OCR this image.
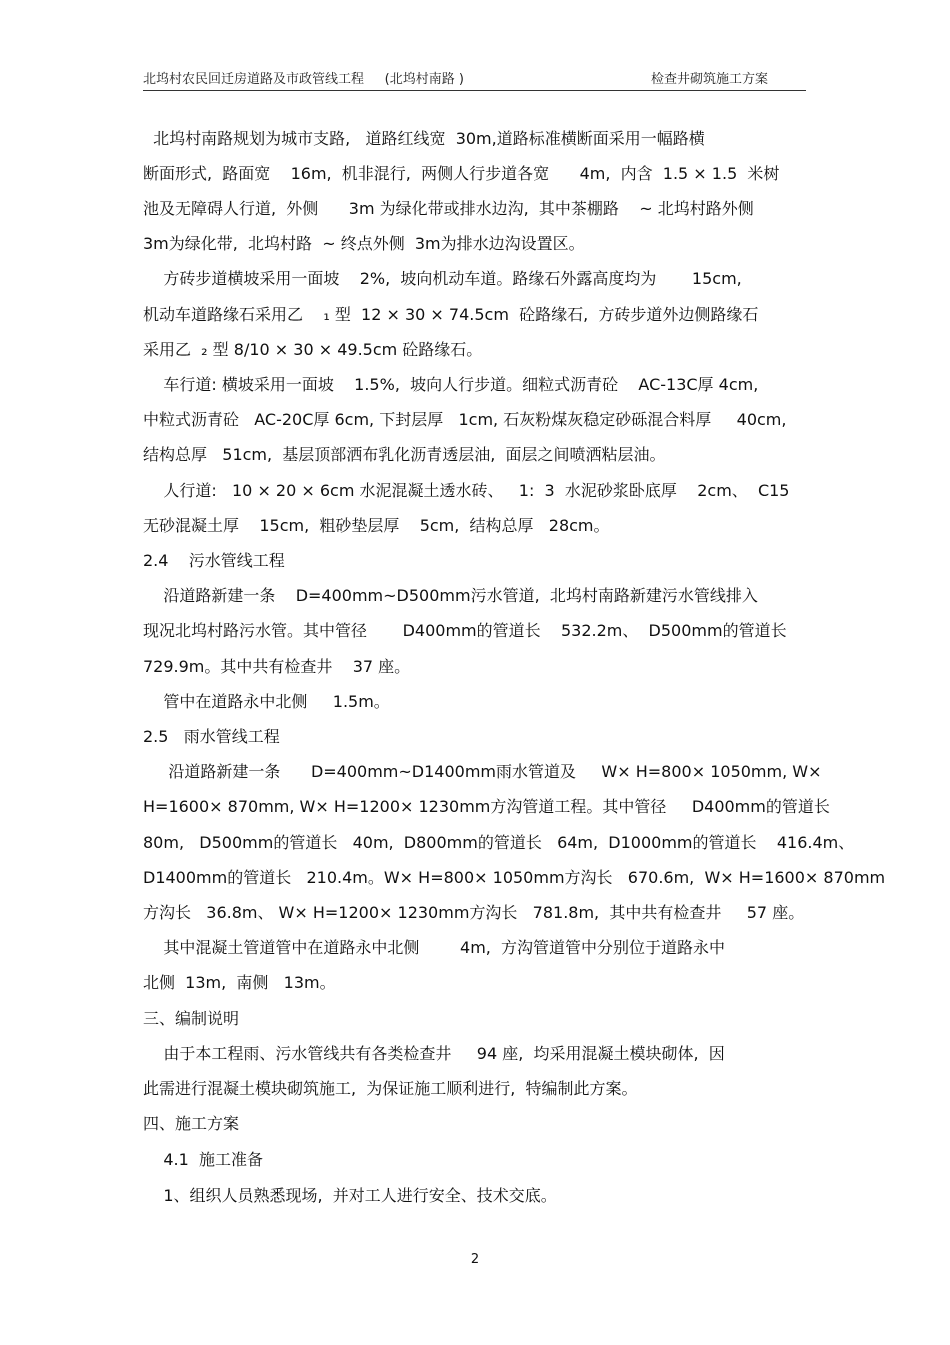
北坞村农民回迁房道路及市政管线工程     (北坞村南路 )	检查井砌筑施工方案
北坞村南路规划为城市支路,   道路红线宽  30m,道路标准横断面采用一幅路横
断面形式,  路面宽    16m,  机非混行,  两侧人行步道各宽      4m,  内含  1.5 × 1.5  米树
池及无障碍人行道,  外侧      3m 为绿化带或排水边沟,  其中茶棚路    ~ 北坞村路外侧
3m为绿化带,  北坞村路  ~ 终点外侧  3m为排水边沟设置区。
方砖步道横坡采用一面坡    2%,  坡向机动车道。路缘石外露高度均为       15cm,
机动车道路缘石采用乙    ₁ 型  12 × 30 × 74.5cm  砼路缘石,  方砖步道外边侧路缘石
采用乙  ₂ 型 8/10 × 30 × 49.5cm 砼路缘石。
车行道: 横坡采用一面坡    1.5%,  坡向人行步道。细粒式沥青砼    AC-13C厚 4cm,
中粒式沥青砼   AC-20C厚 6cm, 下封层厚   1cm, 石灰粉煤灰稳定砂砾混合料厚     40cm,
结构总厚   51cm,  基层顶部洒布乳化沥青透层油,  面层之间喷洒粘层油。
人行道:   10 × 20 × 6cm 水泥混凝土透水砖、   1:  3  水泥砂浆卧底厚    2cm、  C15
无砂混凝土厚    15cm,  粗砂垫层厚    5cm,  结构总厚   28cm。
2.4    污水管线工程
沿道路新建一条    D=400mm~D500mm污水管道,  北坞村南路新建污水管线排入
现况北坞村路污水管。其中管径       D400mm的管道长    532.2m、  D500mm的管道长
729.9m。其中共有检查井    37 座。
管中在道路永中北侧     1.5m。
2.5   雨水管线工程
沿道路新建一条      D=400mm~D1400mm雨水管道及     W× H=800× 1050mm, W×
H=1600× 870mm, W× H=1200× 1230mm方沟管道工程。其中管径     D400mm的管道长
80m,   D500mm的管道长   40m,  D800mm的管道长   64m,  D1000mm的管道长    416.4m、
D1400mm的管道长   210.4m。W× H=800× 1050mm方沟长   670.6m,  W× H=1600× 870mm
方沟长   36.8m、 W× H=1200× 1230mm方沟长   781.8m,  其中共有检查井     57 座。
其中混凝土管道管中在道路永中北侧        4m,  方沟管道管中分别位于道路永中
北侧  13m,  南侧   13m。
三、编制说明
由于本工程雨、污水管线共有各类检查井     94 座,  均采用混凝土模块砌体,  因
此需进行混凝土模块砌筑施工,  为保证施工顺利进行,  特编制此方案。
四、施工方案
4.1  施工准备
1、组织人员熟悉现场,  并对工人进行安全、技术交底。
2
